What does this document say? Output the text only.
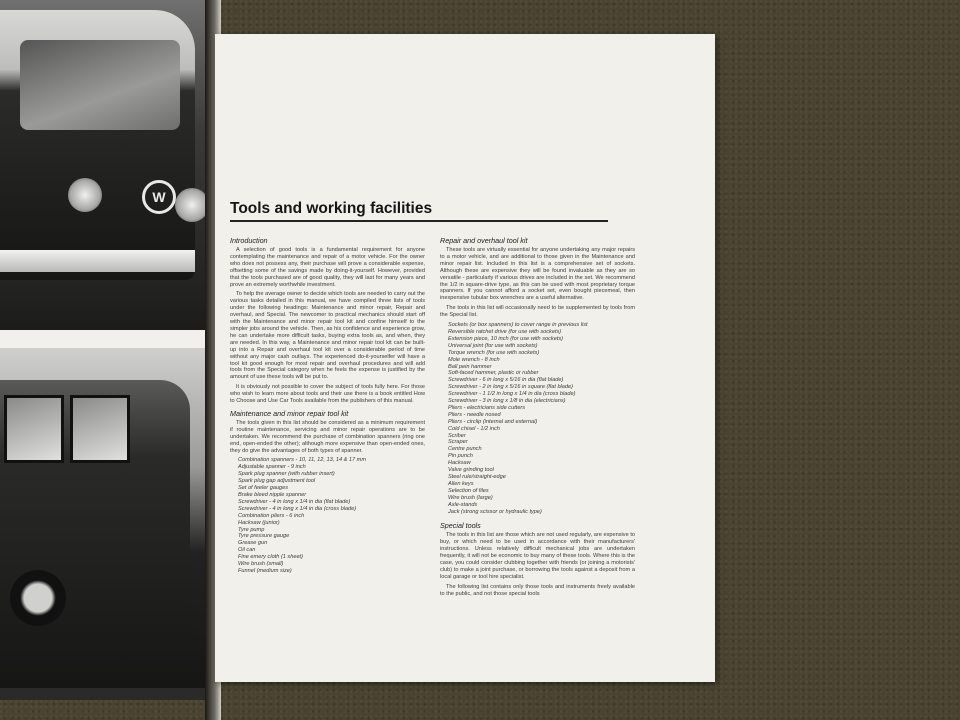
W
Tools and working facilities
Introduction

A selection of good tools is a fundamental requirement for anyone contemplating the maintenance and repair of a motor vehicle. For the owner who does not possess any, their purchase will prove a considerable expense, offsetting some of the savings made by doing-it-yourself. However, provided that the tools purchased are of good quality, they will last for many years and prove an extremely worthwhile investment.

To help the average owner to decide which tools are needed to carry out the various tasks detailed in this manual, we have compiled three lists of tools under the following headings: Maintenance and minor repair, Repair and overhaul, and Special. The newcomer to practical mechanics should start off with the Maintenance and minor repair tool kit and confine himself to the simpler jobs around the vehicle. Then, as his confidence and experience grow, he can undertake more difficult tasks, buying extra tools as, and when, they are needed. In this way, a Maintenance and minor repair tool kit can be built-up into a Repair and overhaul tool kit over a considerable period of time without any major cash outlays. The experienced do-it-yourselfer will have a tool kit good enough for most repair and overhaul procedures and will add tools from the Special category when he feels the expense is justified by the amount of use these tools will be put to.

It is obviously not possible to cover the subject of tools fully here. For those who wish to learn more about tools and their use there is a book entitled How to Choose and Use Car Tools available from the publishers of this manual.

Maintenance and minor repair tool kit

The tools given in this list should be considered as a minimum requirement if routine maintenance, servicing and minor repair operations are to be undertaken. We recommend the purchase of combination spanners (ring one end, open-ended the other); although more expensive than open-ended ones, they do give the advantages of both types of spanner.

Combination spanners - 10, 11, 12, 13, 14 & 17 mm
Adjustable spanner - 9 inch
Spark plug spanner (with rubber insert)
Spark plug gap adjustment tool
Set of feeler gauges
Brake bleed nipple spanner
Screwdriver - 4 in long x 1/4 in dia (flat blade)
Screwdriver - 4 in long x 1/4 in dia (cross blade)
Combination pliers - 6 inch
Hacksaw (junior)
Tyre pump
Tyre pressure gauge
Grease gun
Oil can
Fine emery cloth (1 sheet)
Wire brush (small)
Funnel (medium size)
Repair and overhaul tool kit

These tools are virtually essential for anyone undertaking any major repairs to a motor vehicle, and are additional to those given in the Maintenance and minor repair list. Included in this list is a comprehensive set of sockets. Although these are expensive they will be found invaluable as they are so versatile - particularly if various drives are included in the set. We recommend the 1/2 in square-drive type, as this can be used with most proprietary torque spanners. If you cannot afford a socket set, even bought piecemeal, then inexpensive tubular box wrenches are a useful alternative.

The tools in this list will occasionally need to be supplemented by tools from the Special list.

Sockets (or box spanners) to cover range in previous list
Reversible ratchet drive (for use with sockets)
Extension piece, 10 inch (for use with sockets)
Universal joint (for use with sockets)
Torque wrench (for use with sockets)
Mole wrench - 8 inch
Ball pein hammer
Soft-faced hammer, plastic or rubber
Screwdriver - 6 in long x 5/16 in dia (flat blade)
Screwdriver - 2 in long x 5/16 in square (flat blade)
Screwdriver - 1 1/2 in long x 1/4 in dia (cross blade)
Screwdriver - 3 in long x 1/8 in dia (electricians)
Pliers - electricians side cutters
Pliers - needle nosed
Pliers - circlip (internal and external)
Cold chisel - 1/2 inch
Scriber
Scraper
Centre punch
Pin punch
Hacksaw
Valve grinding tool
Steel rule/straight-edge
Allen keys
Selection of files
Wire brush (large)
Axle-stands
Jack (strong scissor or hydraulic type)
Special tools

The tools in this list are those which are not used regularly, are expensive to buy, or which need to be used in accordance with their manufacturers' instructions. Unless relatively difficult mechanical jobs are undertaken frequently, it will not be economic to buy many of these tools. Where this is the case, you could consider clubbing together with friends (or joining a motorists' club) to make a joint purchase, or borrowing the tools against a deposit from a local garage or tool hire specialist.

The following list contains only those tools and instruments freely available to the public, and not those special tools
